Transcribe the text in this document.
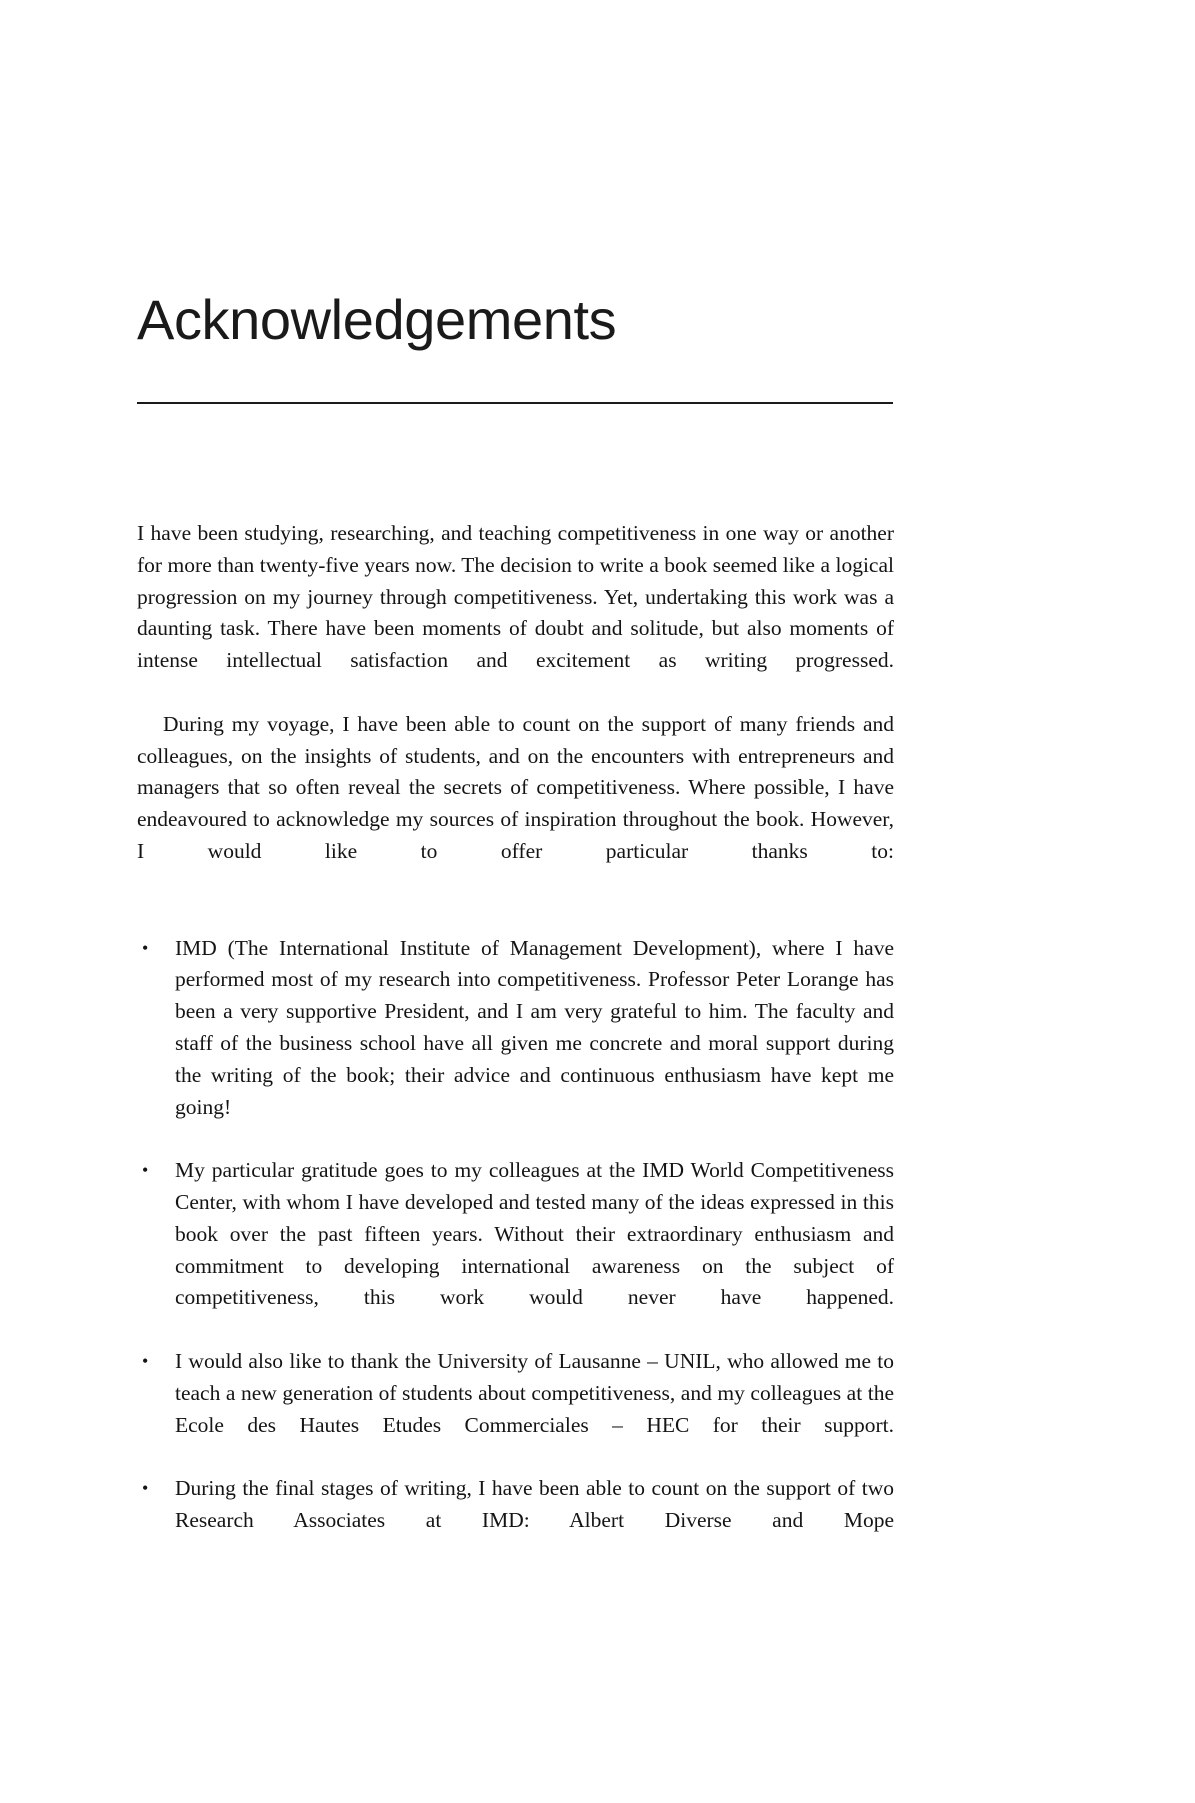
Acknowledgements

I have been studying, researching, and teaching competitiveness in one way or another for more than twenty-five years now. The decision to write a book seemed like a logical progression on my journey through competitiveness. Yet, undertaking this work was a daunting task. There have been moments of doubt and solitude, but also moments of intense intellectual satisfaction and excitement as writing progressed.

During my voyage, I have been able to count on the support of many friends and colleagues, on the insights of students, and on the encounters with entrepreneurs and managers that so often reveal the secrets of competitiveness. Where possible, I have endeavoured to acknowledge my sources of inspiration throughout the book. However, I would like to offer particular thanks to:

• IMD (The International Institute of Management Development), where I have performed most of my research into competitiveness. Professor Peter Lorange has been a very supportive President, and I am very grateful to him. The faculty and staff of the business school have all given me concrete and moral support during the writing of the book; their advice and continuous enthusiasm have kept me going!
• My particular gratitude goes to my colleagues at the IMD World Competitiveness Center, with whom I have developed and tested many of the ideas expressed in this book over the past fifteen years. Without their extraordinary enthusiasm and commitment to developing international awareness on the subject of competitiveness, this work would never have happened.
• I would also like to thank the University of Lausanne – UNIL, who allowed me to teach a new generation of students about competitiveness, and my colleagues at the Ecole des Hautes Etudes Commerciales – HEC for their support.
• During the final stages of writing, I have been able to count on the support of two Research Associates at IMD: Albert Diverse and Mope
